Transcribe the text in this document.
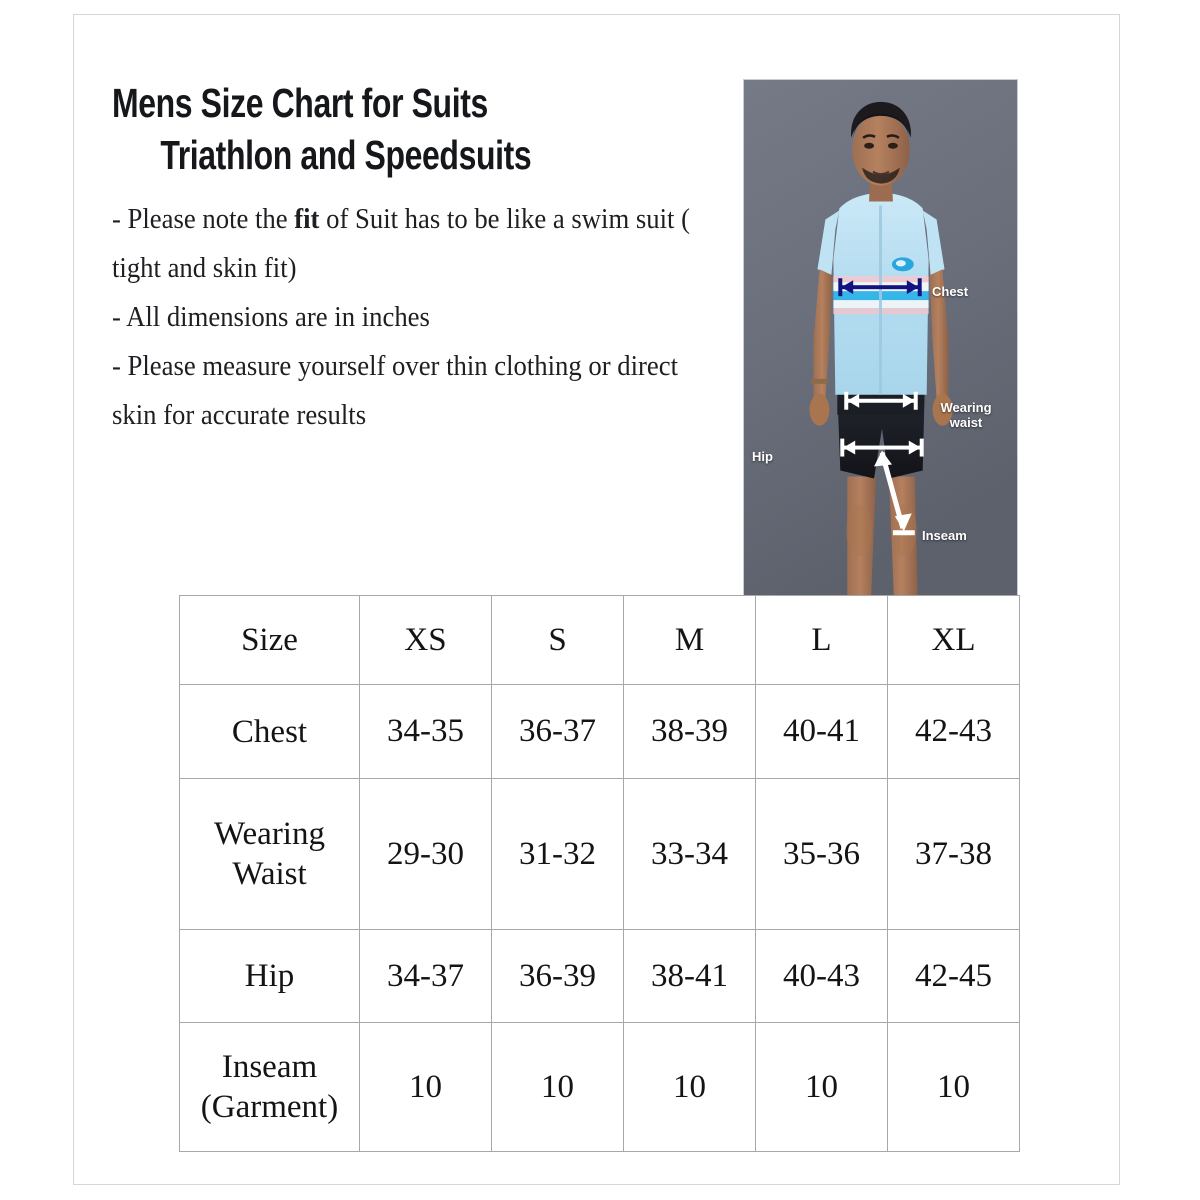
Mens Size Chart for Suits
Triathlon and Speedsuits

- Please note the fit of Suit has to be like a swim suit ( tight and skin fit)

- All dimensions are in inches

- Please measure yourself over thin clothing or direct skin for accurate results

Chest
Wearing
waist
Hip
Inseam
Size	XS	S	M	L	XL
Chest	34-35	36-37	38-39	40-41	42-43

Wearing
Waist	29-30	31-32	33-34	35-36	37-38
Hip	34-37	36-39	38-41	40-43	42-45

Inseam
(Garment)	10	10	10	10	10
